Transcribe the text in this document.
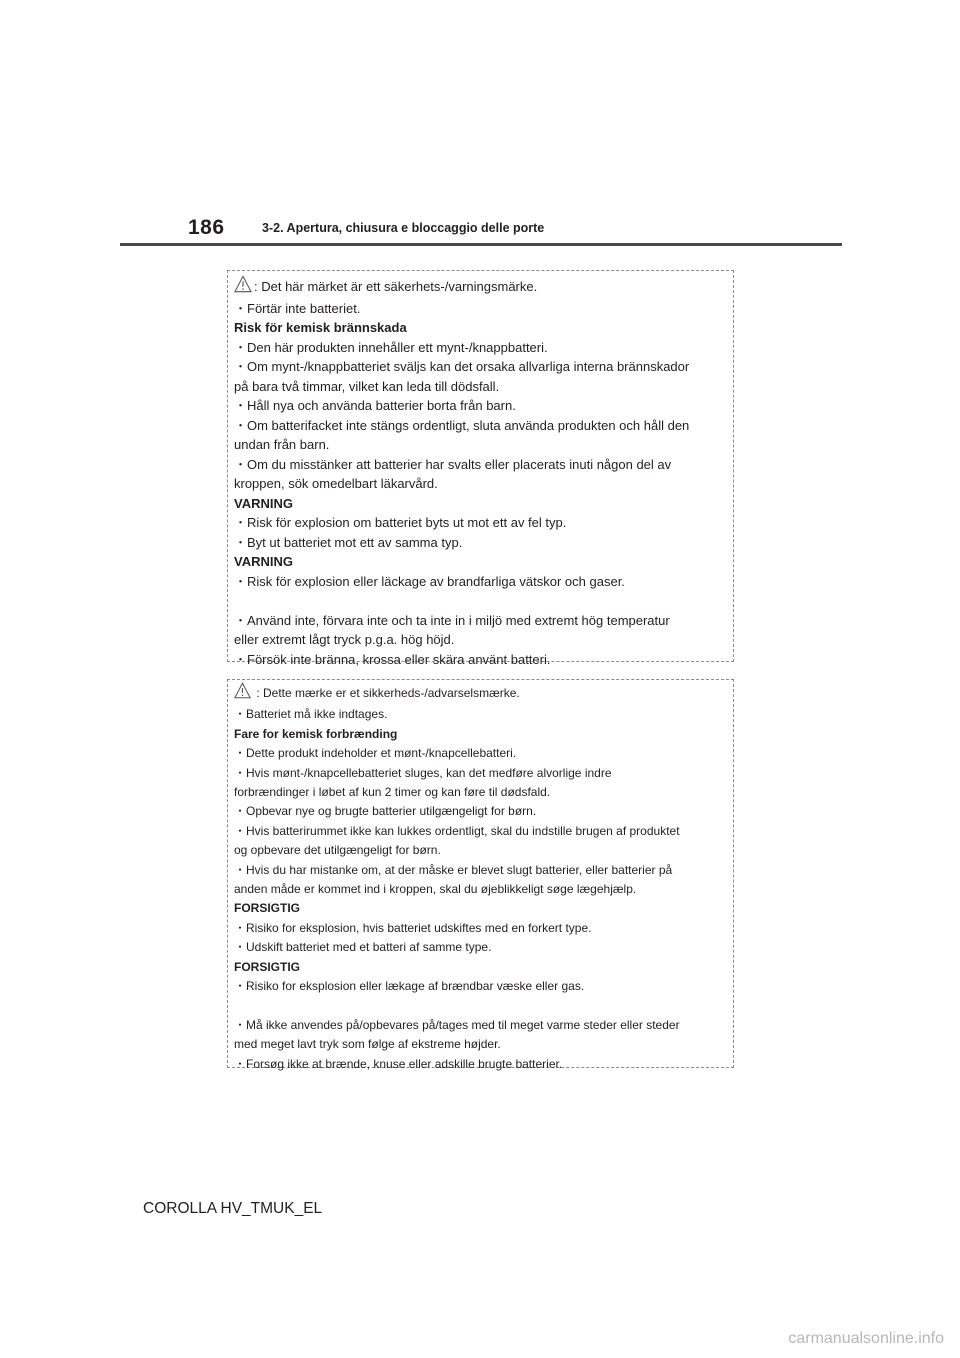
186	3-2. Apertura, chiusura e bloccaggio delle porte
: Det här märket är ett säkerhets-/varningsmärke.
・Förtär inte batteriet.
Risk för kemisk brännskada
・Den här produkten innehåller ett mynt-/knappbatteri.
・Om mynt-/knappbatteriet sväljs kan det orsaka allvarliga interna brännskador
på bara två timmar, vilket kan leda till dödsfall.
・Håll nya och använda batterier borta från barn.
・Om batterifacket inte stängs ordentligt, sluta använda produkten och håll den
undan från barn.
・Om du misstänker att batterier har svalts eller placerats inuti någon del av
kroppen, sök omedelbart läkarvård.
VARNING
・Risk för explosion om batteriet byts ut mot ett av fel typ.
・Byt ut batteriet mot ett av samma typ.
VARNING
・Risk för explosion eller läckage av brandfarliga vätskor och gaser.
・Använd inte, förvara inte och ta inte in i miljö med extremt hög temperatur
eller extremt lågt tryck p.g.a. hög höjd.
・Försök inte bränna, krossa eller skära använt batteri.
: Dette mærke er et sikkerheds-/advarselsmærke.
・Batteriet må ikke indtages.
Fare for kemisk forbrænding
・Dette produkt indeholder et mønt-/knapcellebatteri.
・Hvis mønt-/knapcellebatteriet sluges, kan det medføre alvorlige indre
forbrændinger i løbet af kun 2 timer og kan føre til dødsfald.
・Opbevar nye og brugte batterier utilgængeligt for børn.
・Hvis batterirummet ikke kan lukkes ordentligt, skal du indstille brugen af produktet
og opbevare det utilgængeligt for børn.
・Hvis du har mistanke om, at der måske er blevet slugt batterier, eller batterier på
anden måde er kommet ind i kroppen, skal du øjeblikkeligt søge lægehjælp.
FORSIGTIG
・Risiko for eksplosion, hvis batteriet udskiftes med en forkert type.
・Udskift batteriet med et batteri af samme type.
FORSIGTIG
・Risiko for eksplosion eller lækage af brændbar væske eller gas.
・Må ikke anvendes på/opbevares på/tages med til meget varme steder eller steder
med meget lavt tryk som følge af ekstreme højder.
・Forsøg ikke at brænde, knuse eller adskille brugte batterier.
COROLLA HV_TMUK_EL
carmanualsonline.info
